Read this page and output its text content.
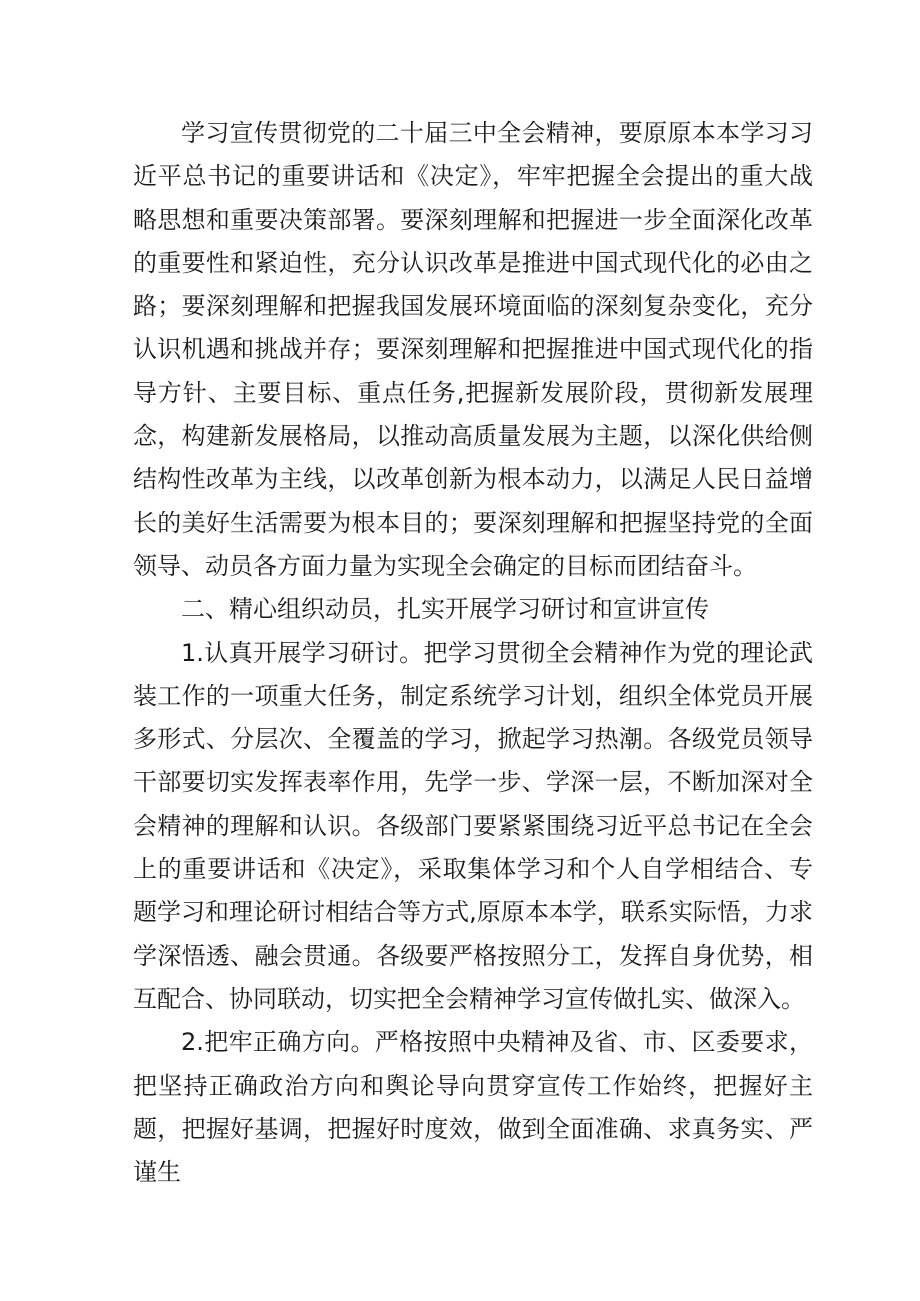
学习宣传贯彻党的二十届三中全会精神，要原原本本学习习近平总书记的重要讲话和《决定》，牢牢把握全会提出的重大战略思想和重要决策部署。要深刻理解和把握进一步全面深化改革的重要性和紧迫性，充分认识改革是推进中国式现代化的必由之路；要深刻理解和把握我国发展环境面临的深刻复杂变化，充分认识机遇和挑战并存；要深刻理解和把握推进中国式现代化的指导方针、主要目标、重点任务,把握新发展阶段，贯彻新发展理念，构建新发展格局，以推动高质量发展为主题，以深化供给侧结构性改革为主线，以改革创新为根本动力，以满足人民日益增长的美好生活需要为根本目的；要深刻理解和把握坚持党的全面领导、动员各方面力量为实现全会确定的目标而团结奋斗。

二、精心组织动员，扎实开展学习研讨和宣讲宣传

1.认真开展学习研讨。把学习贯彻全会精神作为党的理论武装工作的一项重大任务，制定系统学习计划，组织全体党员开展多形式、分层次、全覆盖的学习，掀起学习热潮。各级党员领导干部要切实发挥表率作用，先学一步、学深一层，不断加深对全会精神的理解和认识。各级部门要紧紧围绕习近平总书记在全会上的重要讲话和《决定》，采取集体学习和个人自学相结合、专题学习和理论研讨相结合等方式,原原本本学，联系实际悟，力求学深悟透、融会贯通。各级要严格按照分工，发挥自身优势，相互配合、协同联动，切实把全会精神学习宣传做扎实、做深入。

2.把牢正确方向。严格按照中央精神及省、市、区委要求，把坚持正确政治方向和舆论导向贯穿宣传工作始终，把握好主题，把握好基调，把握好时度效，做到全面准确、求真务实、严谨生
